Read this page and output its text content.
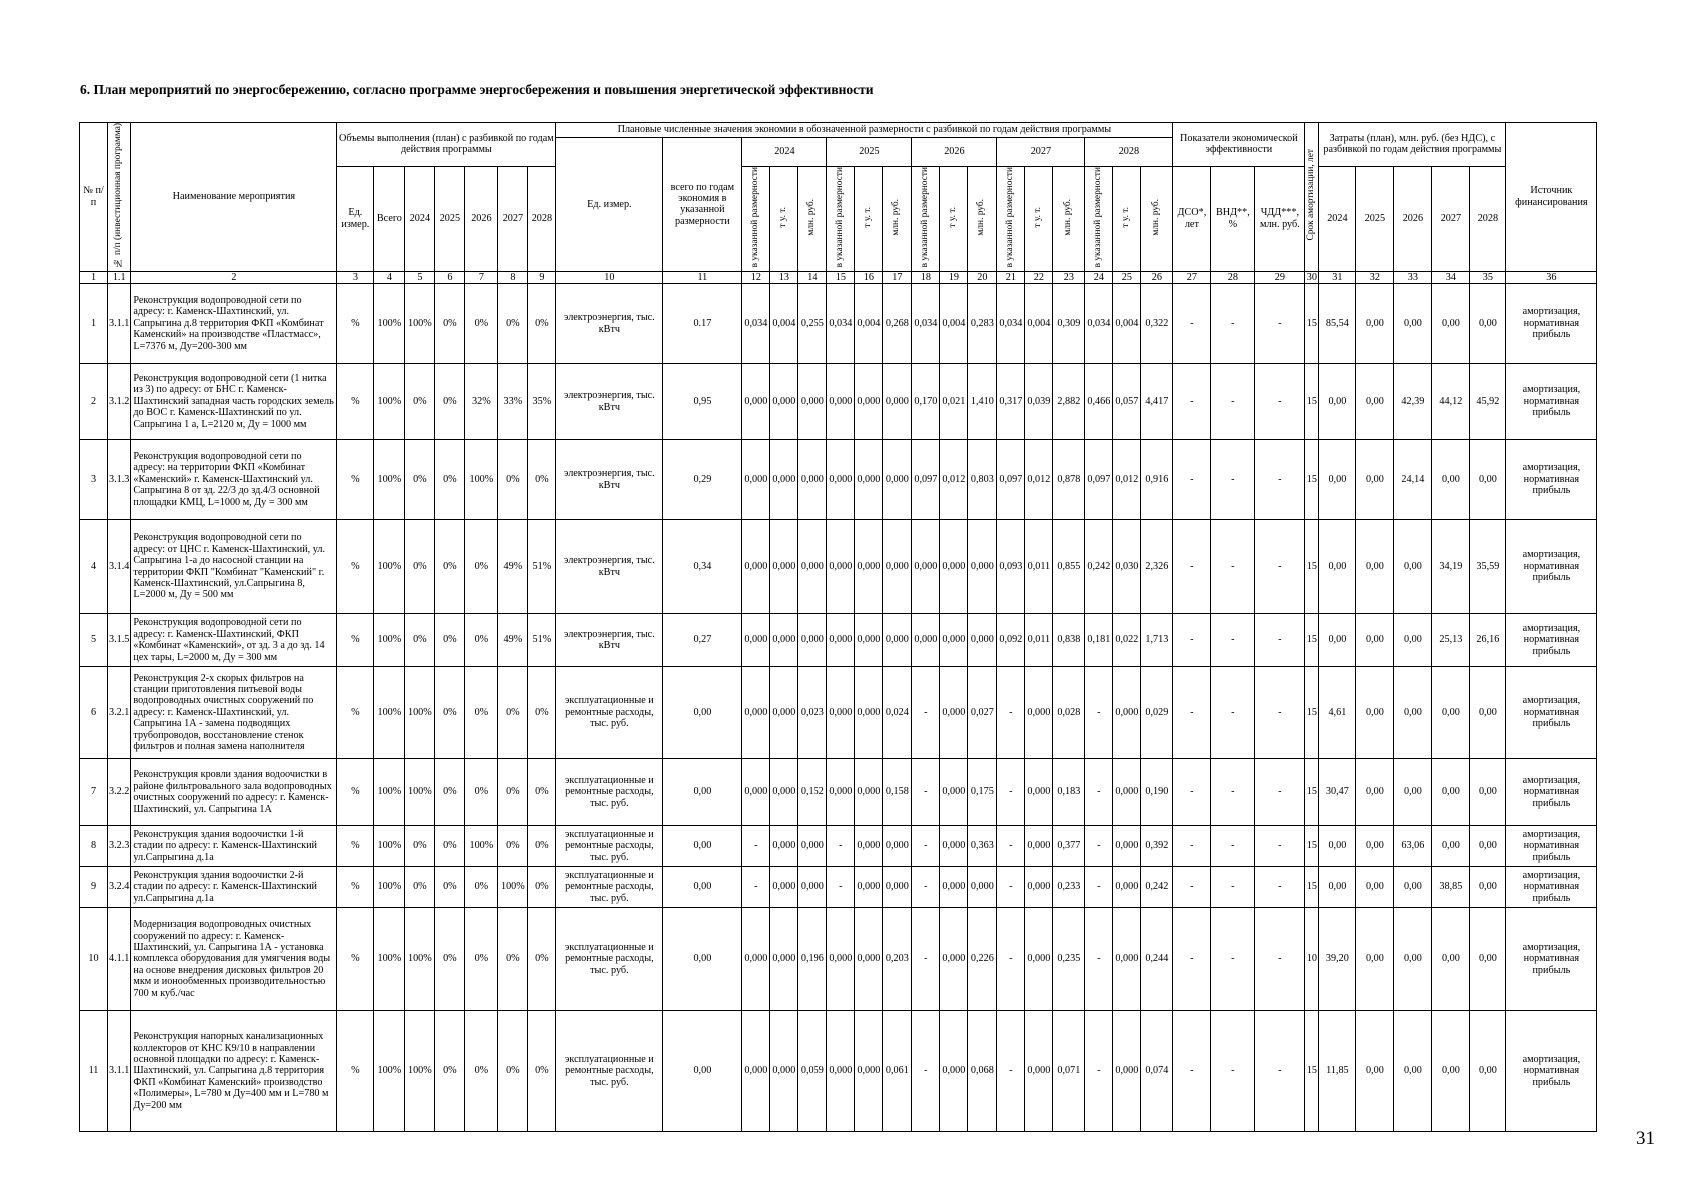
6. План мероприятий по энергосбережению, согласно программе энергосбережения и повышения энергетической эффективности
№ п/п	№ п/п (инвестиционная программа)	Наименование мероприятия	Объемы выполнения (план) с разбивкой по годам действия программы							Плановые численные значения экономии в обозначенной размерности с разбивкой по годам действия программы																	Показатели экономической эффективности			Срок амортизации, лет	Затраты (план), млн. руб. (без НДС), с разбивкой по годам действия программы					Источник финансирования
										Ед. измер.	всего по годам экономия в указанной размерности	2024			2025			2026			2027			2028												
			Ед. измер.	Всего	2024	2025	2026	2027	2028			в указанной размерности	т у. т.	млн. руб.	в указанной размерности	т у. т.	млн. руб.	в указанной размерности	т у. т.	млн. руб.	в указанной размерности	т у. т.	млн. руб.	в указанной размерности	т у. т.	млн. руб.	ДСО*, лет	ВНД**, %	ЧДД***, млн. руб.		2024	2025	2026	2027	2028	
1	1.1	2	3	4	5	6	7	8	9	10	11	12	13	14	15	16	17	18	19	20	21	22	23	24	25	26	27	28	29	30	31	32	33	34	35	36
1	3.1.1	Реконструкция водопроводной сети по адресу: г. Каменск-Шахтинский, ул. Сапрыгина д.8 территория ФКП «Комбинат Каменский» на производстве «Пластмасс», L=7376 м, Ду=200-300 мм	%	100%	100%	0%	0%	0%	0%	электроэнергия, тыс. кВтч	0.17	0,034	0,004	0,255	0,034	0,004	0,268	0,034	0,004	0,283	0,034	0,004	0,309	0,034	0,004	0,322	-	-	-	15	85,54	0,00	0,00	0,00	0,00	амортизация, нормативная прибыль
2	3.1.2	Реконструкция водопроводной сети (1 нитка из 3) по адресу: от БНС г. Каменск-Шахтинский западная часть городских земель до ВОС г. Каменск-Шахтинский по ул. Сапрыгина 1 а, L=2120 м, Ду = 1000 мм	%	100%	0%	0%	32%	33%	35%	электроэнергия, тыс. кВтч	0,95	0,000	0,000	0,000	0,000	0,000	0,000	0,170	0,021	1,410	0,317	0,039	2,882	0,466	0,057	4,417	-	-	-	15	0,00	0,00	42,39	44,12	45,92	амортизация, нормативная прибыль
3	3.1.3	Реконструкция водопроводной сети по адресу: на территории ФКП «Комбинат «Каменский» г. Каменск-Шахтинский ул. Сапрыгина 8 от зд. 22/3 до зд.4/3 основной площадки КМЦ, L=1000 м, Ду = 300 мм	%	100%	0%	0%	100%	0%	0%	электроэнергия, тыс. кВтч	0,29	0,000	0,000	0,000	0,000	0,000	0,000	0,097	0,012	0,803	0,097	0,012	0,878	0,097	0,012	0,916	-	-	-	15	0,00	0,00	24,14	0,00	0,00	амортизация, нормативная прибыль
4	3.1.4	Реконструкция водопроводной сети по адресу: от ЦНС г. Каменск-Шахтинский, ул. Сапрыгина 1-а до насосной станции на территории ФКП "Комбинат "Каменский" г. Каменск-Шахтинский, ул.Сапрыгина 8, L=2000 м, Ду = 500 мм	%	100%	0%	0%	0%	49%	51%	электроэнергия, тыс. кВтч	0,34	0,000	0,000	0,000	0,000	0,000	0,000	0,000	0,000	0,000	0,093	0,011	0,855	0,242	0,030	2,326	-	-	-	15	0,00	0,00	0,00	34,19	35,59	амортизация, нормативная прибыль
5	3.1.5	Реконструкция водопроводной сети по адресу: г. Каменск-Шахтинский, ФКП «Комбинат «Каменский», от зд. 3 а до зд. 14 цех тары, L=2000 м, Ду = 300 мм	%	100%	0%	0%	0%	49%	51%	электроэнергия, тыс. кВтч	0,27	0,000	0,000	0,000	0,000	0,000	0,000	0,000	0,000	0,000	0,092	0,011	0,838	0,181	0,022	1,713	-	-	-	15	0,00	0,00	0,00	25,13	26,16	амортизация, нормативная прибыль
6	3.2.1	Реконструкция 2-х скорых фильтров на станции приготовления питьевой воды водопроводных очистных сооружений по адресу: г. Каменск-Шахтинский, ул. Сапрыгина 1А - замена подводящих трубопроводов, восстановление стенок фильтров и полная замена наполнителя	%	100%	100%	0%	0%	0%	0%	эксплуатационные и ремонтные расходы, тыс. руб.	0,00	0,000	0,000	0,023	0,000	0,000	0,024	-	0,000	0,027	-	0,000	0,028	-	0,000	0,029	-	-	-	15	4,61	0,00	0,00	0,00	0,00	амортизация, нормативная прибыль
7	3.2.2	Реконструкция кровли здания водоочистки в районе фильтровального зала водопроводных очистных сооружений по адресу: г. Каменск-Шахтинский, ул. Сапрыгина 1А	%	100%	100%	0%	0%	0%	0%	эксплуатационные и ремонтные расходы, тыс. руб.	0,00	0,000	0,000	0,152	0,000	0,000	0,158	-	0,000	0,175	-	0,000	0,183	-	0,000	0,190	-	-	-	15	30,47	0,00	0,00	0,00	0,00	амортизация, нормативная прибыль
8	3.2.3	Реконструкция здания водоочистки 1-й стадии по адресу: г. Каменск-Шахтинский ул.Сапрыгина д.1а	%	100%	0%	0%	100%	0%	0%	эксплуатационные и ремонтные расходы, тыс. руб.	0,00	-	0,000	0,000	-	0,000	0,000	-	0,000	0,363	-	0,000	0,377	-	0,000	0,392	-	-	-	15	0,00	0,00	63,06	0,00	0,00	амортизация, нормативная прибыль
9	3.2.4	Реконструкция здания водоочистки 2-й стадии по адресу: г. Каменск-Шахтинский ул.Сапрыгина д.1а	%	100%	0%	0%	0%	100%	0%	эксплуатационные и ремонтные расходы, тыс. руб.	0,00	-	0,000	0,000	-	0,000	0,000	-	0,000	0,000	-	0,000	0,233	-	0,000	0,242	-	-	-	15	0,00	0,00	0,00	38,85	0,00	амортизация, нормативная прибыль
10	4.1.1	Модернизация водопроводных очистных сооружений по адресу: г. Каменск-Шахтинский, ул. Сапрыгина 1А - установка комплекса оборудования для умягчения воды на основе внедрения дисковых фильтров 20 мкм и ионообменных производительностью 700 м куб./час	%	100%	100%	0%	0%	0%	0%	эксплуатационные и ремонтные расходы, тыс. руб.	0,00	0,000	0,000	0,196	0,000	0,000	0,203	-	0,000	0,226	-	0,000	0,235	-	0,000	0,244	-	-	-	10	39,20	0,00	0,00	0,00	0,00	амортизация, нормативная прибыль
11	3.1.1	Реконструкция напорных канализационных коллекторов от КНС К9/10 в направлении основной площадки по адресу: г. Каменск-Шахтинский, ул. Сапрыгина д.8 территория ФКП «Комбинат Каменский» производство «Полимеры», L=780 м Ду=400 мм и L=780 м Ду=200 мм	%	100%	100%	0%	0%	0%	0%	эксплуатационные и ремонтные расходы, тыс. руб.	0,00	0,000	0,000	0,059	0,000	0,000	0,061	-	0,000	0,068	-	0,000	0,071	-	0,000	0,074	-	-	-	15	11,85	0,00	0,00	0,00	0,00	амортизация, нормативная прибыль
31
